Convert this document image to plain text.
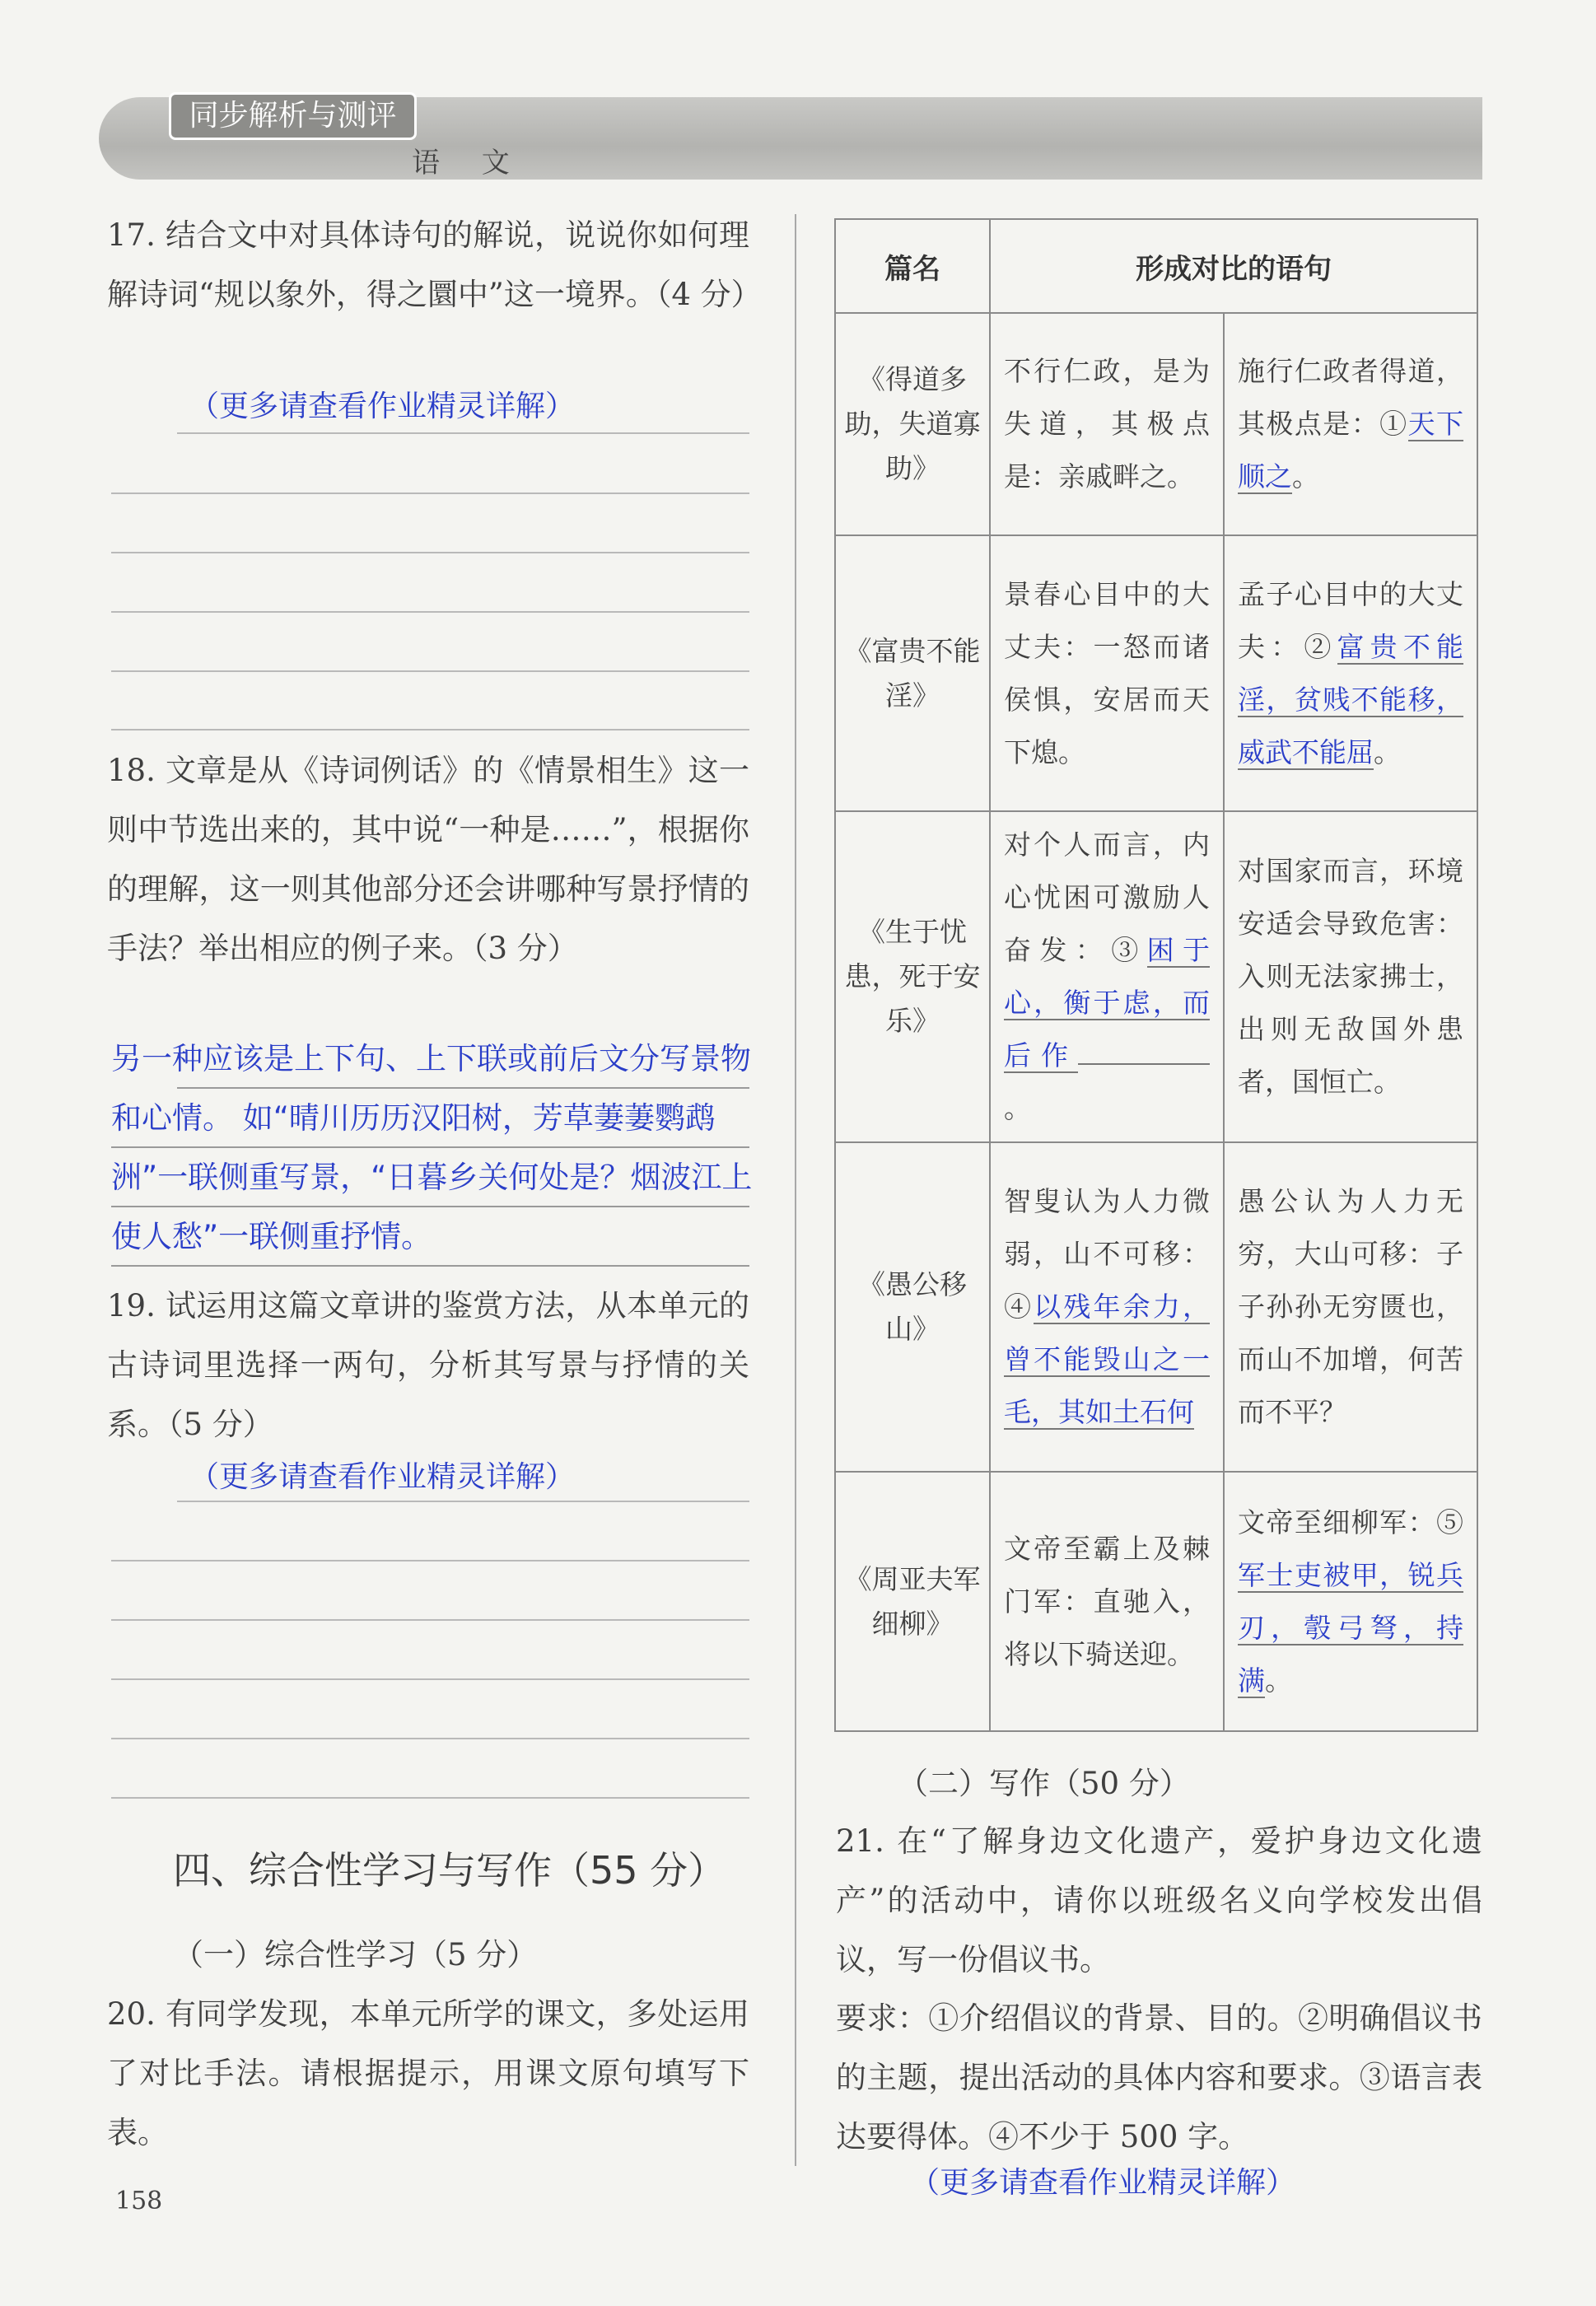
同步解析与测评
语 文
17. 结合文中对具体诗句的解说，说说你如何理解诗词“规以象外，得之圜中”这一境界。（4 分）
（更多请查看作业精灵详解）
18. 文章是从《诗词例话》的《情景相生》这一则中节选出来的，其中说“一种是……”，根据你的理解，这一则其他部分还会讲哪种写景抒情的手法？举出相应的例子来。（3 分）
另一种应该是上下句、上下联或前后文分写景物和心情。 如“晴川历历汉阳树，芳草萋萋鹦鹉洲”一联侧重写景，“日暮乡关何处是？烟波江上使人愁”一联侧重抒情。
19. 试运用这篇文章讲的鉴赏方法，从本单元的古诗词里选择一两句，分析其写景与抒情的关系。（5 分）
（更多请查看作业精灵详解）
四、综合性学习与写作（55 分）
（一）综合性学习（5 分）
20. 有同学发现，本单元所学的课文，多处运用了对比手法。请根据提示，用课文原句填写下表。
篇名	形成对比的语句	
《得道多助，失道寡助》	不行仁政，是为失道，其极点是：亲戚畔之。	施行仁政者得道，其极点是：①天下顺之。
《富贵不能淫》	景春心目中的大丈夫：一怒而诸侯惧，安居而天下熄。	孟子心目中的大丈夫：②富贵不能淫，贫贱不能移，威武不能屈。
《生于忧患，死于安乐》	对个人而言，内心忧困可激励人奋发：③困于心，衡于虑，而后作。	对国家而言，环境安适会导致危害：入则无法家拂士，出则无敌国外患者，国恒亡。
《愚公移山》	智叟认为人力微弱，山不可移：④以残年余力，曾不能毁山之一毛，其如土石何	愚公认为人力无穷，大山可移：子子孙孙无穷匮也，而山不加增，何苦而不平？
《周亚夫军细柳》	文帝至霸上及棘门军：直驰入，将以下骑送迎。	文帝至细柳军：⑤军士吏被甲，锐兵刃，彀弓弩，持满。
（二）写作（50 分）
21. 在“了解身边文化遗产，爱护身边文化遗产”的活动中，请你以班级名义向学校发出倡议，写一份倡议书。
要求：①介绍倡议的背景、目的。②明确倡议书的主题，提出活动的具体内容和要求。③语言表达要得体。④不少于 500 字。
（更多请查看作业精灵详解）
158
